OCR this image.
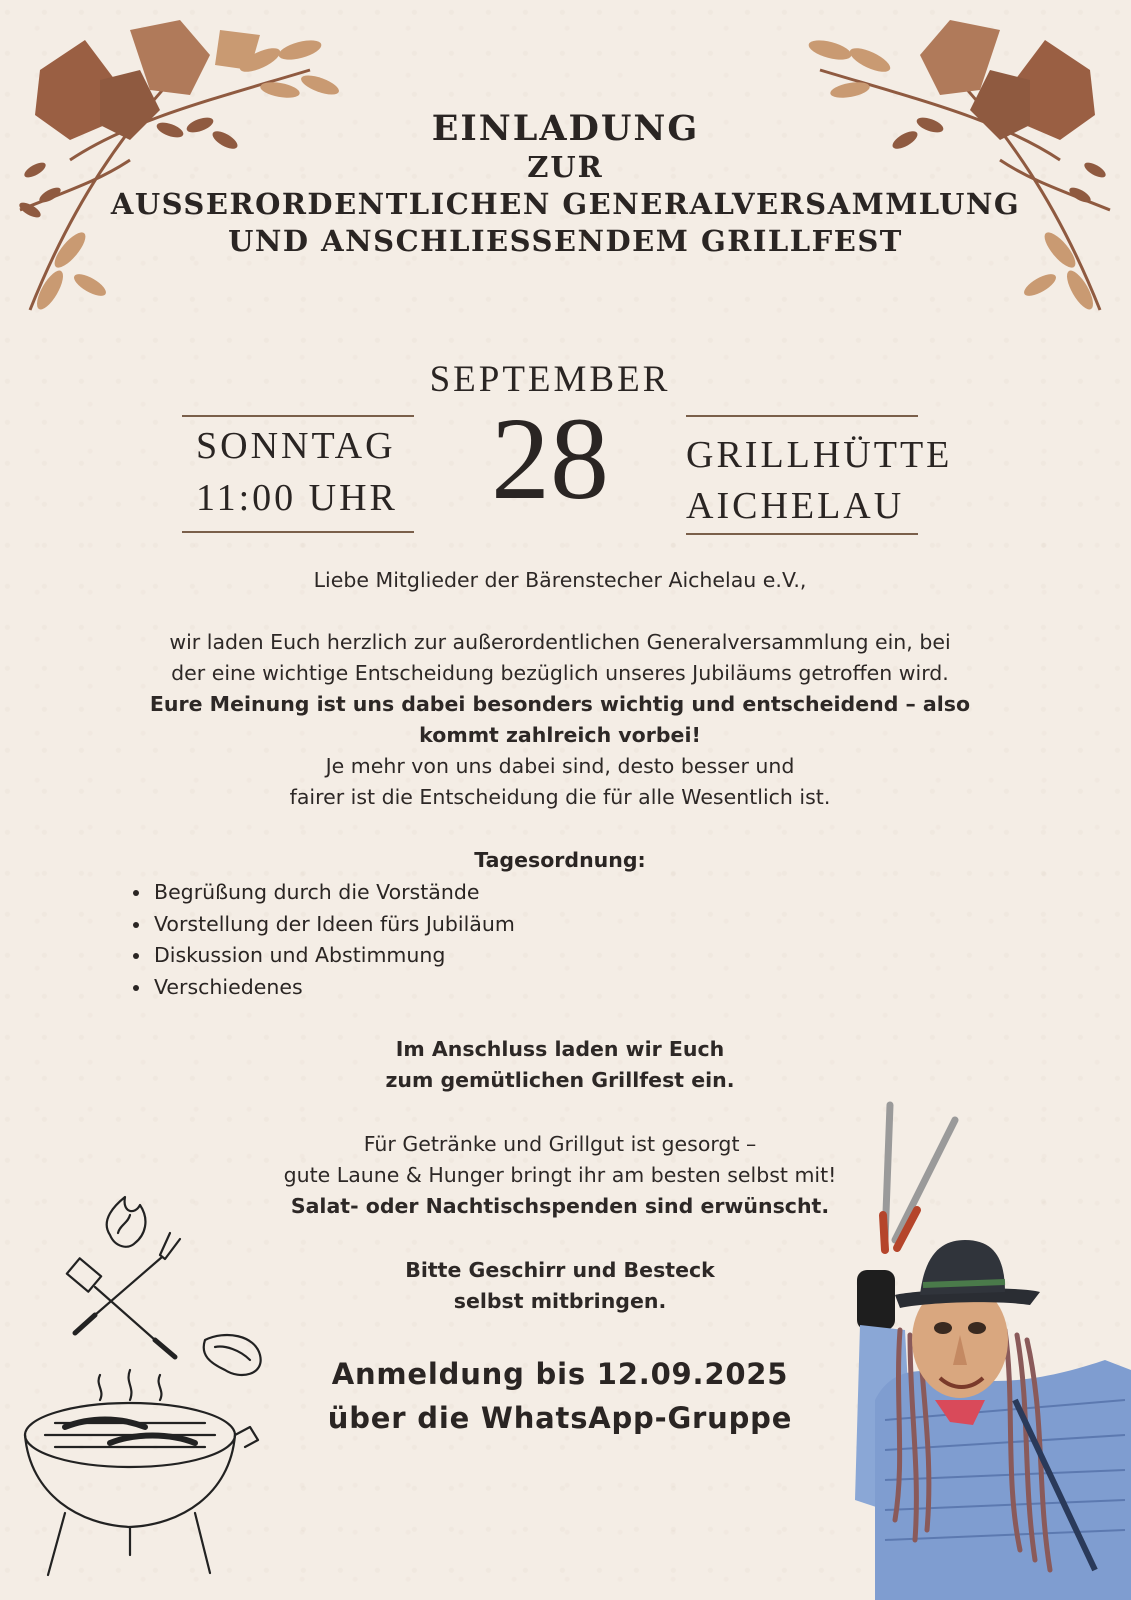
EINLADUNG
ZUR
AUSSERORDENTLICHEN GENERALVERSAMMLUNG
UND ANSCHLIESSENDEM GRILLFEST
SEPTEMBER
28
SONNTAG
11:00 UHR
GRILLHÜTTE
AICHELAU

Liebe Mitglieder der Bärenstecher Aichelau e.V.,

wir laden Euch herzlich zur außerordentlichen Generalversammlung ein, bei

der eine wichtige Entscheidung bezüglich unseres Jubiläums getroffen wird.

Eure Meinung ist uns dabei besonders wichtig und entscheidend – also

kommt zahlreich vorbei!

Je mehr von uns dabei sind, desto besser und

fairer ist die Entscheidung die für alle Wesentlich ist.

Tagesordnung:
• Begrüßung durch die Vorstände
• Vorstellung der Ideen fürs Jubiläum
• Diskussion und Abstimmung
• Verschiedenes

Im Anschluss laden wir Euch

zum gemütlichen Grillfest ein.

Für Getränke und Grillgut ist gesorgt –

gute Laune & Hunger bringt ihr am besten selbst mit!

Salat- oder Nachtischspenden sind erwünscht.

Bitte Geschirr und Besteck

selbst mitbringen.

Anmeldung bis 12.09.2025
über die WhatsApp-Gruppe
